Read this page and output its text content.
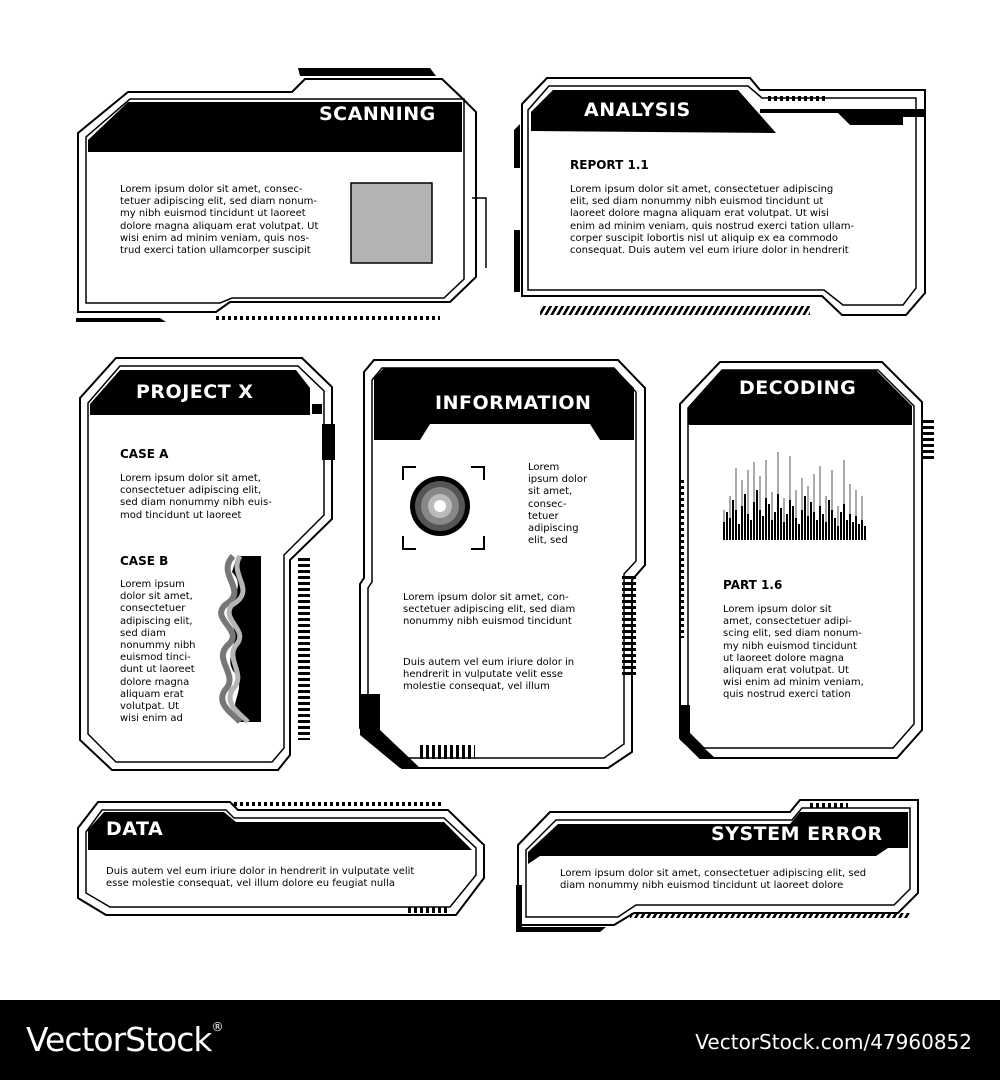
SCANNING
Lorem ipsum dolor sit amet, consec-
tetuer adipiscing elit, sed diam nonum-
my nibh euismod tincidunt ut laoreet
dolore magna aliquam erat volutpat. Ut
wisi enim ad minim veniam, quis nos-
trud exerci tation ullamcorper suscipit
ANALYSIS
REPORT 1.1
Lorem ipsum dolor sit amet, consectetuer adipiscing
elit, sed diam nonummy nibh euismod tincidunt ut
laoreet dolore magna aliquam erat volutpat. Ut wisi
enim ad minim veniam, quis nostrud exerci tation ullam-
corper suscipit lobortis nisl ut aliquip ex ea commodo
consequat. Duis autem vel eum iriure dolor in hendrerit
PROJECT X
CASE A
Lorem ipsum dolor sit amet,
consectetuer adipiscing elit,
sed diam nonummy nibh euis-
mod tincidunt ut laoreet
CASE B
Lorem ipsum
dolor sit amet,
consectetuer
adipiscing elit,
sed diam
nonummy nibh
euismod tinci-
dunt ut laoreet
dolore magna
aliquam erat
volutpat. Ut
wisi enim ad
INFORMATION
Lorem
ipsum dolor
sit amet,
consec-
tetuer
adipiscing
elit, sed
Lorem ipsum dolor sit amet, con-
sectetuer adipiscing elit, sed diam
nonummy nibh euismod tincidunt
Duis autem vel eum iriure dolor in
hendrerit in vulputate velit esse
molestie consequat, vel illum
DECODING
PART 1.6
Lorem ipsum dolor sit
amet, consectetuer adipi-
scing elit, sed diam nonum-
my nibh euismod tincidunt
ut laoreet dolore magna
aliquam erat volutpat. Ut
wisi enim ad minim veniam,
quis nostrud exerci tation
DATA
Duis autem vel eum iriure dolor in hendrerit in vulputate velit
esse molestie consequat, vel illum dolore eu feugiat nulla
SYSTEM ERROR
Lorem ipsum dolor sit amet, consectetuer adipiscing elit, sed
diam nonummy nibh euismod tincidunt ut laoreet dolore
VectorStock®
VectorStock.com/47960852
